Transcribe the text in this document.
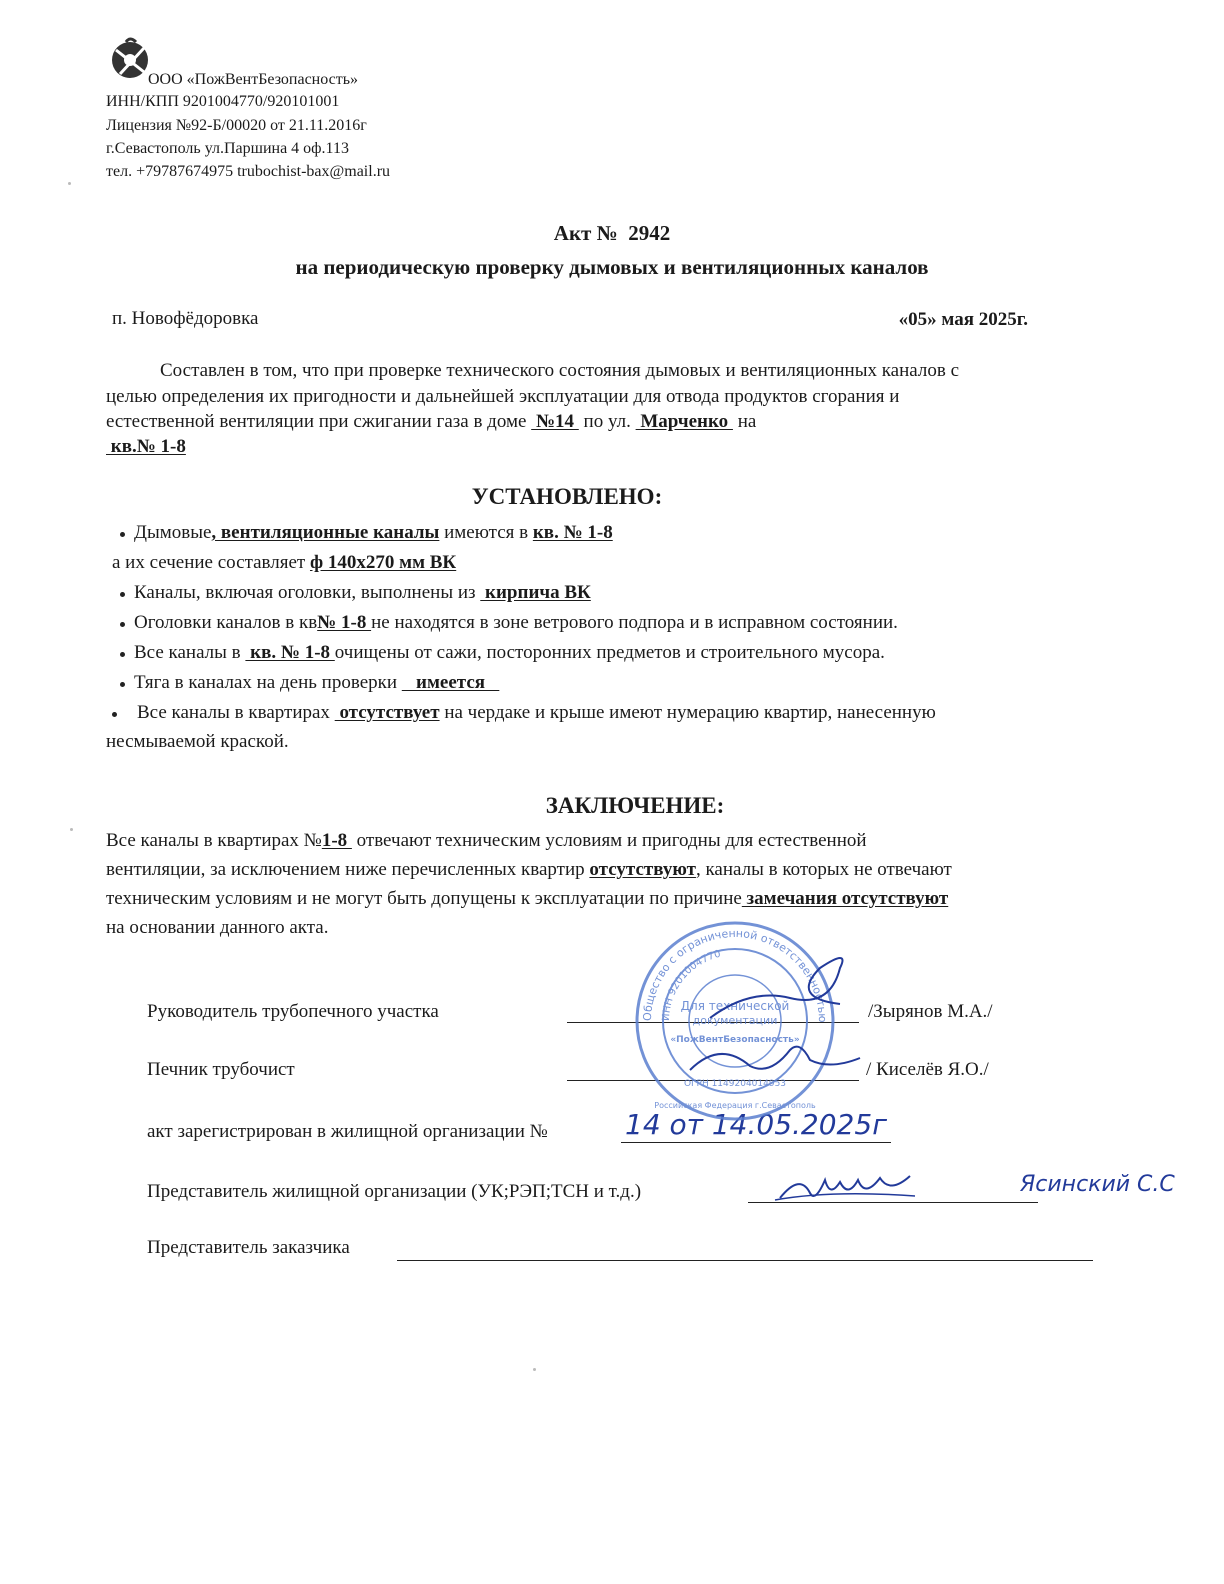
ООО «ПожВентБезопасность»
ИНН/КПП 9201004770/920101001
Лицензия №92-Б/00020 от 21.11.2016г
г.Севастополь ул.Паршина 4 оф.113
тел. +79787674975 trubochist-bax@mail.ru
Акт №  2942
на периодическую проверку дымовых и вентиляционных каналов
п. Новофёдоровка	«05» мая 2025г.
Составлен в том, что при проверке технического состояния дымовых и вентиляционных каналов с
целью определения их пригодности и дальнейшей эксплуатации для отвода продуктов сгорания и
естественной вентиляции при сжигании газа в доме  №14  по ул.  Марченко  на
кв.№ 1-8
УСТАНОВЛЕНО:
Дымовые, вентиляционные каналы имеются в кв. № 1-8
а их сечение составляет ф 140х270 мм ВК
Каналы, включая оголовки, выполнены из  кирпича ВК
Оголовки каналов в кв№ 1-8 не находятся в зоне ветрового подпора и в исправном состоянии.
Все каналы в  кв. № 1-8 очищены от сажи, посторонних предметов и строительного мусора.
Тяга в каналах на день проверки    имеется
Все каналы в квартирах  отсутствует на чердаке и крыше имеют нумерацию квартир, нанесенную
несмываемой краской.
ЗАКЛЮЧЕНИЕ:
Все каналы в квартирах №1-8  отвечают техническим условиям и пригодны для естественной
вентиляции, за исключением ниже перечисленных квартир отсутствуют, каналы в которых не отвечают
техническим условиям и не могут быть допущены к эксплуатации по причине замечания отсутствуют
на основании данного акта.
Руководитель трубопечного участка	/Зырянов М.А./
Печник трубочист	/ Киселёв Я.О./
акт зарегистрирован в жилищной организации №	14 от 14.05.2025г
Представитель жилищной организации (УК;РЭП;ТСН и т.д.)	Ясинский С.С
Представитель заказчика
Общество с ограниченной ответственностью
ИНН 9201004770
Для технической
документации
«ПожВентБезопасность»
ОГРН 1149204014953
Российская Федерация г.Севастополь
